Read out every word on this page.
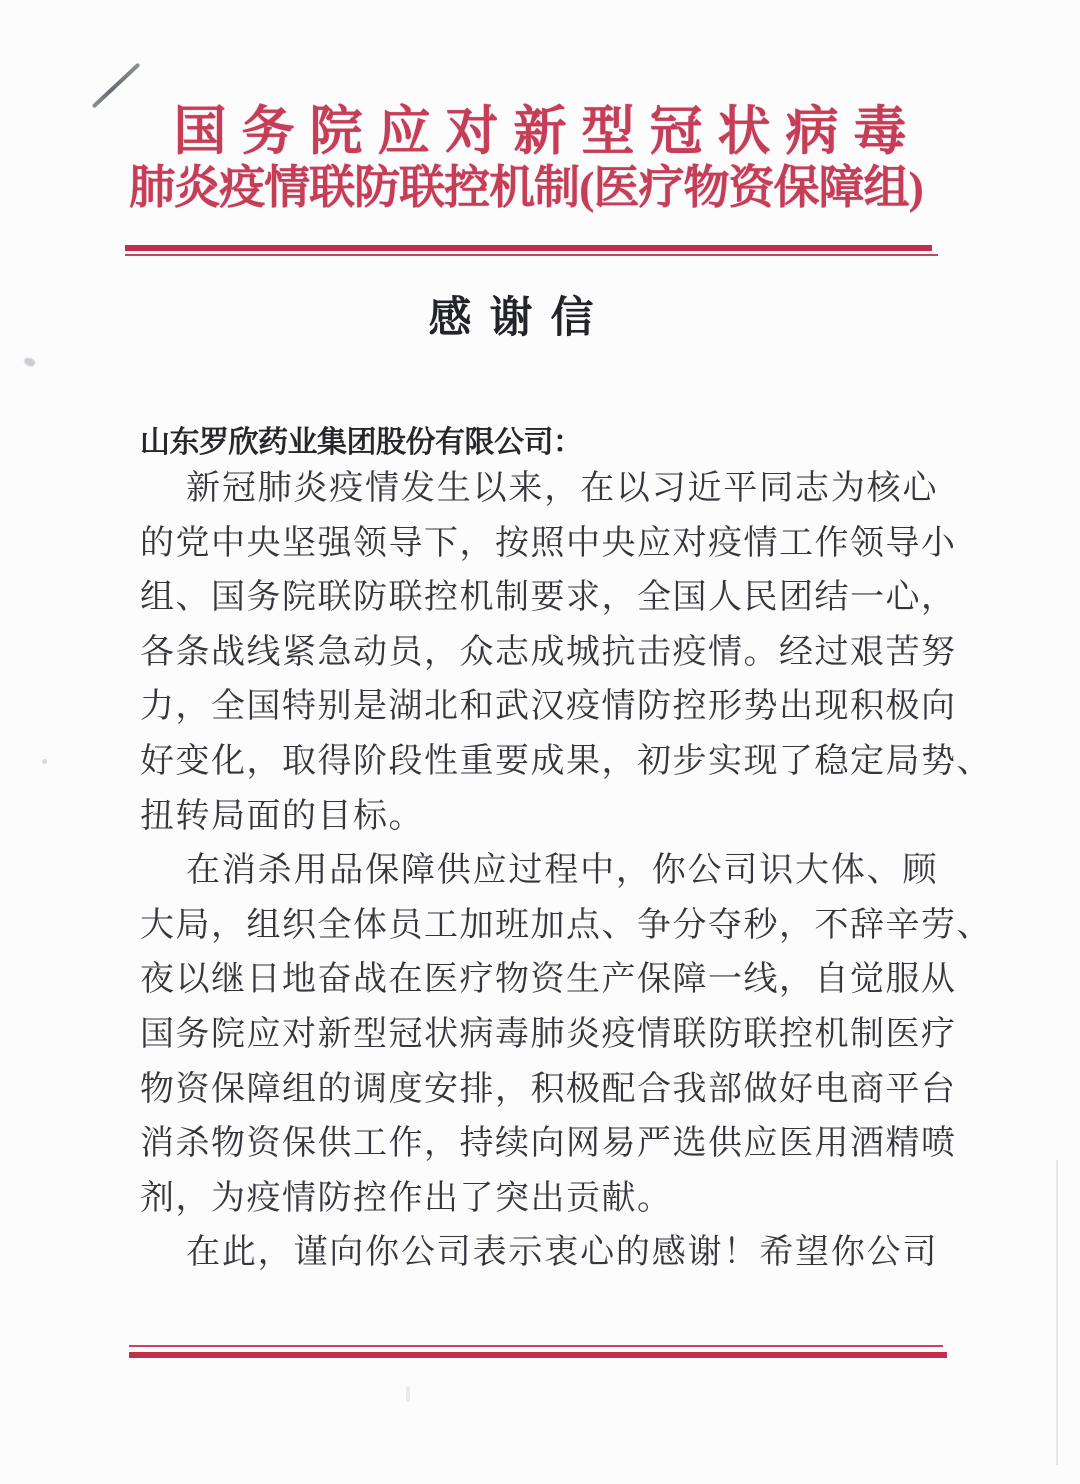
国务院应对新型冠状病毒
肺炎疫情联防联控机制(医疗物资保障组)
感谢信
山东罗欣药业集团股份有限公司：
新冠肺炎疫情发生以来，在以习近平同志为核心
的党中央坚强领导下，按照中央应对疫情工作领导小
组、国务院联防联控机制要求，全国人民团结一心，
各条战线紧急动员，众志成城抗击疫情。经过艰苦努
力，全国特别是湖北和武汉疫情防控形势出现积极向
好变化，取得阶段性重要成果，初步实现了稳定局势、
扭转局面的目标。
在消杀用品保障供应过程中，你公司识大体、顾
大局，组织全体员工加班加点、争分夺秒，不辞辛劳、
夜以继日地奋战在医疗物资生产保障一线，自觉服从
国务院应对新型冠状病毒肺炎疫情联防联控机制医疗
物资保障组的调度安排，积极配合我部做好电商平台
消杀物资保供工作，持续向网易严选供应医用酒精喷
剂，为疫情防控作出了突出贡献。
在此，谨向你公司表示衷心的感谢！希望你公司
